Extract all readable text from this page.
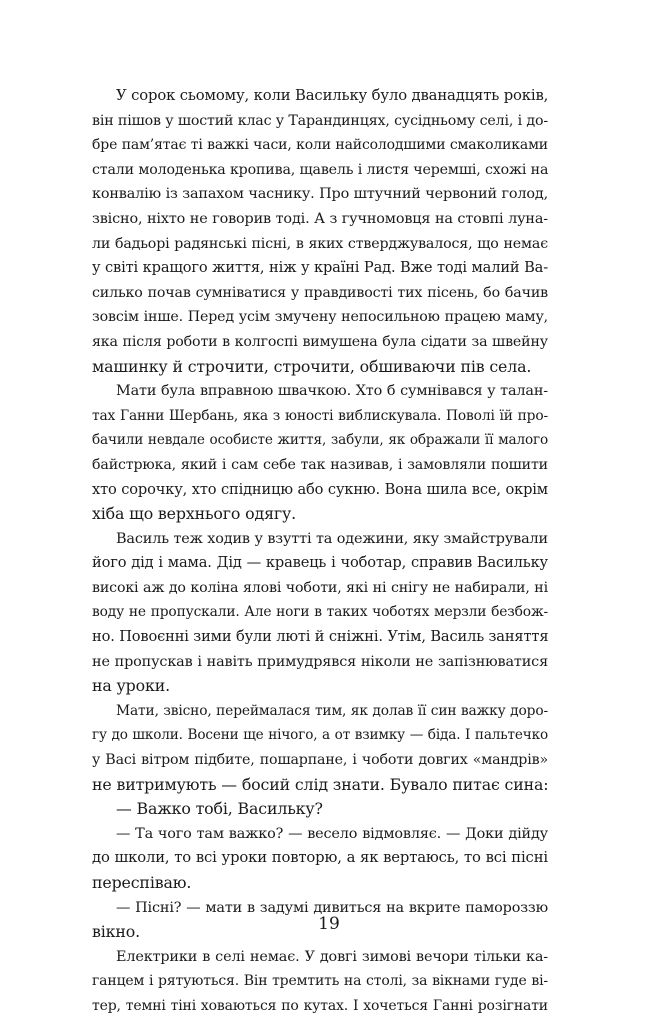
У сорок сьомому, коли Васильку було дванадцять років,
він пішов у шостий клас у Тарандинцях, сусідньому селі, і до-
бре пам’ятає ті важкі часи, коли найсолодшими смаколиками
стали молоденька кропива, щавель і листя черемші, схожі на
конвалію із запахом часнику. Про штучний червоний голод,
звісно, ніхто не говорив тоді. А з гучномовця на стовпі луна-
ли бадьорі радянські пісні, в яких стверджувалося, що немає
у світі кращого життя, ніж у країні Рад. Вже тоді малий Ва-
силько почав сумніватися у правдивості тих пісень, бо бачив
зовсім інше. Перед усім змучену непосильною працею маму,
яка після роботи в колгоспі вимушена була сідати за швейну
машинку й строчити, строчити, обшиваючи пів села.
Мати була вправною швачкою. Хто б сумнівався у талан-
тах Ганни Шербань, яка з юності виблискувала. Поволі їй про-
бачили невдале особисте життя, забули, як ображали її малого
байстрюка, який і сам себе так називав, і замовляли пошити
хто сорочку, хто спідницю або сукню. Вона шила все, окрім
хіба що верхнього одягу.
Василь теж ходив у взутті та одежини, яку змайстрували
його дід і мама. Дід — кравець і чоботар, справив Васильку
високі аж до коліна ялові чоботи, які ні снігу не набирали, ні
воду не пропускали. Але ноги в таких чоботях мерзли безбож-
но. Повоєнні зими були люті й сніжні. Утім, Василь заняття
не пропускав і навіть примудрявся ніколи не запізнюватися
на уроки.
Мати, звісно, переймалася тим, як долав її син важку доро-
гу до школи. Восени ще нічого, а от взимку — біда. І пальтечко
у Васі вітром підбите, пошарпане, і чоботи довгих «мандрів»
не витримують — босий слід знати. Бувало питає сина:
— Важко тобі, Васильку?
— Та чого там важко? — весело відмовляє. — Доки дійду
до школи, то всі уроки повторю, а як вертаюсь, то всі пісні
переспіваю.
— Пісні? — мати в задумі дивиться на вкрите памороззю
вікно.
Електрики в селі немає. У довгі зимові вечори тільки ка-
ганцем і рятуються. Він тремтить на столі, за вікнами гуде ві-
тер, темні тіні ховаються по кутах. І хочеться Ганні розігнати
19
